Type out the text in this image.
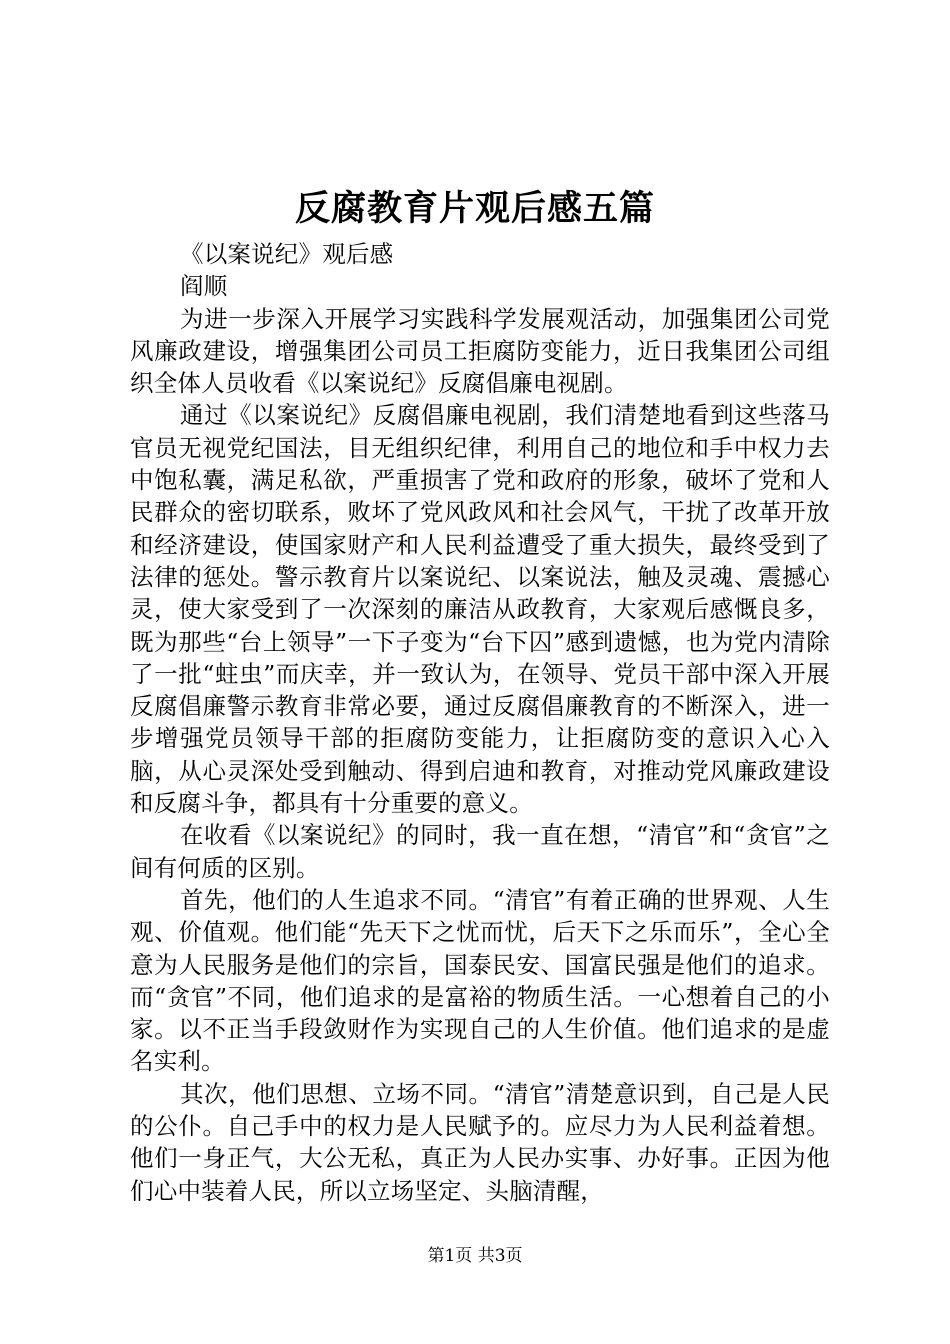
反腐教育片观后感五篇

《以案说纪》观后感

阎顺

为进一步深入开展学习实践科学发展观活动，加强集团公司党风廉政建设，增强集团公司员工拒腐防变能力，近日我集团公司组织全体人员收看《以案说纪》反腐倡廉电视剧。

通过《以案说纪》反腐倡廉电视剧，我们清楚地看到这些落马官员无视党纪国法，目无组织纪律，利用自己的地位和手中权力去中饱私囊，满足私欲，严重损害了党和政府的形象，破坏了党和人民群众的密切联系，败坏了党风政风和社会风气，干扰了改革开放和经济建设，使国家财产和人民利益遭受了重大损失，最终受到了法律的惩处。警示教育片以案说纪、以案说法，触及灵魂、震撼心灵，使大家受到了一次深刻的廉洁从政教育，大家观后感慨良多，既为那些“台上领导”一下子变为“台下囚”感到遗憾，也为党内清除了一批“蛀虫”而庆幸，并一致认为，在领导、党员干部中深入开展反腐倡廉警示教育非常必要，通过反腐倡廉教育的不断深入，进一步增强党员领导干部的拒腐防变能力，让拒腐防变的意识入心入脑，从心灵深处受到触动、得到启迪和教育，对推动党风廉政建设和反腐斗争，都具有十分重要的意义。

在收看《以案说纪》的同时，我一直在想，“清官”和“贪官”之间有何质的区别。

首先，他们的人生追求不同。“清官”有着正确的世界观、人生观、价值观。他们能“先天下之忧而忧，后天下之乐而乐”，全心全意为人民服务是他们的宗旨，国泰民安、国富民强是他们的追求。而“贪官”不同，他们追求的是富裕的物质生活。一心想着自己的小家。以不正当手段敛财作为实现自己的人生价值。他们追求的是虚名实利。

其次，他们思想、立场不同。“清官”清楚意识到，自己是人民的公仆。自己手中的权力是人民赋予的。应尽力为人民利益着想。他们一身正气，大公无私，真正为人民办实事、办好事。正因为他们心中装着人民，所以立场坚定、头脑清醒，

第1页 共3页
